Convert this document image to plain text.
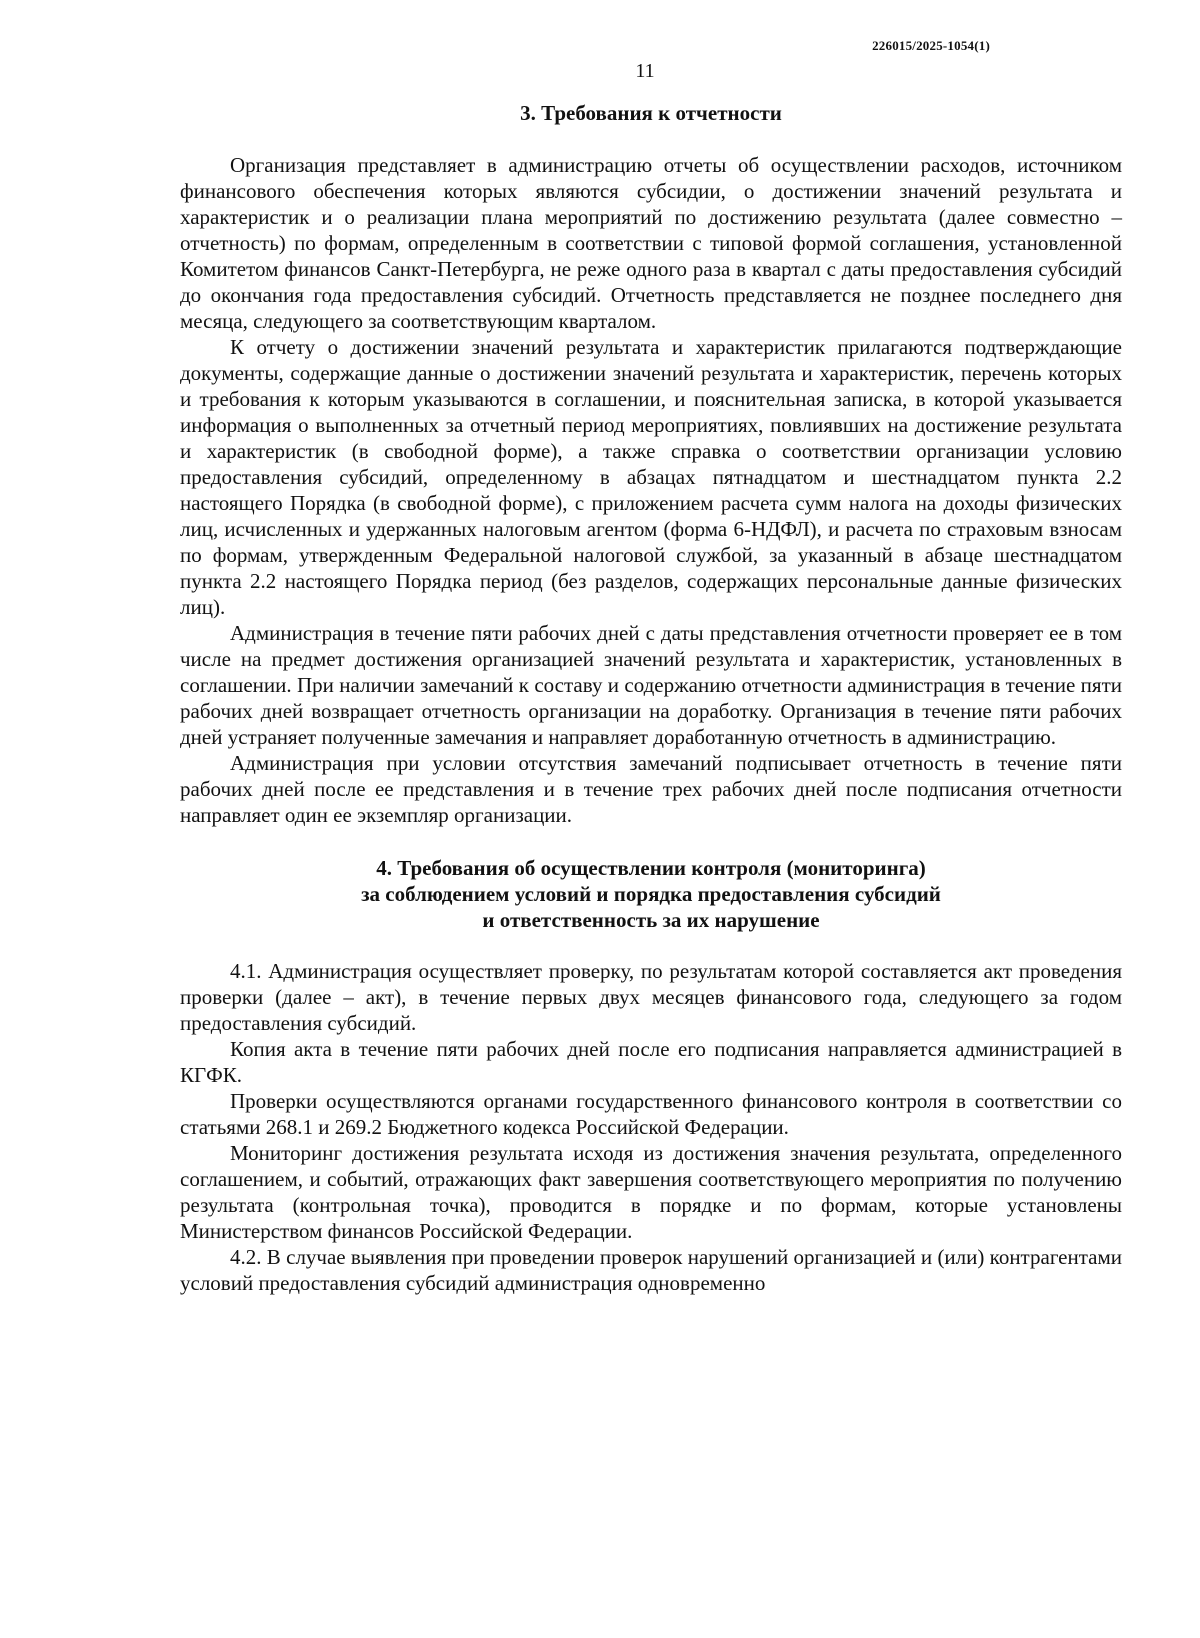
226015/2025-1054(1)
11
3. Требования к отчетности

Организация представляет в администрацию отчеты об осуществлении расходов, источником финансового обеспечения которых являются субсидии, о достижении значений результата и характеристик и о реализации плана мероприятий по достижению результата (далее совместно – отчетность) по формам, определенным в соответствии с типовой формой соглашения, установленной Комитетом финансов Санкт-Петербурга, не реже одного раза в квартал с даты предоставления субсидий до окончания года предоставления субсидий. Отчетность представляется не позднее последнего дня месяца, следующего за соответствующим кварталом.

К отчету о достижении значений результата и характеристик прилагаются подтверждающие документы, содержащие данные о достижении значений результата и характеристик, перечень которых и требования к которым указываются в соглашении, и пояснительная записка, в которой указывается информация о выполненных за отчетный период мероприятиях, повлиявших на достижение результата и характеристик (в свободной форме), а также справка о соответствии организации условию предоставления субсидий, определенному в абзацах пятнадцатом и шестнадцатом пункта 2.2 настоящего Порядка (в свободной форме), с приложением расчета сумм налога на доходы физических лиц, исчисленных и удержанных налоговым агентом (форма 6-НДФЛ), и расчета по страховым взносам по формам, утвержденным Федеральной налоговой службой, за указанный в абзаце шестнадцатом пункта 2.2 настоящего Порядка период (без разделов, содержащих персональные данные физических лиц).

Администрация в течение пяти рабочих дней с даты представления отчетности проверяет ее в том числе на предмет достижения организацией значений результата и характеристик, установленных в соглашении. При наличии замечаний к составу и содержанию отчетности администрация в течение пяти рабочих дней возвращает отчетность организации на доработку. Организация в течение пяти рабочих дней устраняет полученные замечания и направляет доработанную отчетность в администрацию.

Администрация при условии отсутствия замечаний подписывает отчетность в течение пяти рабочих дней после ее представления и в течение трех рабочих дней после подписания отчетности направляет один ее экземпляр организации.

4. Требования об осуществлении контроля (мониторинга)
за соблюдением условий и порядка предоставления субсидий
и ответственность за их нарушение

4.1. Администрация осуществляет проверку, по результатам которой составляется акт проведения проверки (далее – акт), в течение первых двух месяцев финансового года, следующего за годом предоставления субсидий.

Копия акта в течение пяти рабочих дней после его подписания направляется администрацией в КГФК.

Проверки осуществляются органами государственного финансового контроля в соответствии со статьями 268.1 и 269.2 Бюджетного кодекса Российской Федерации.

Мониторинг достижения результата исходя из достижения значения результата, определенного соглашением, и событий, отражающих факт завершения соответствующего мероприятия по получению результата (контрольная точка), проводится в порядке и по формам, которые установлены Министерством финансов Российской Федерации.

4.2. В случае выявления при проведении проверок нарушений организацией и (или) контрагентами условий предоставления субсидий администрация одновременно
